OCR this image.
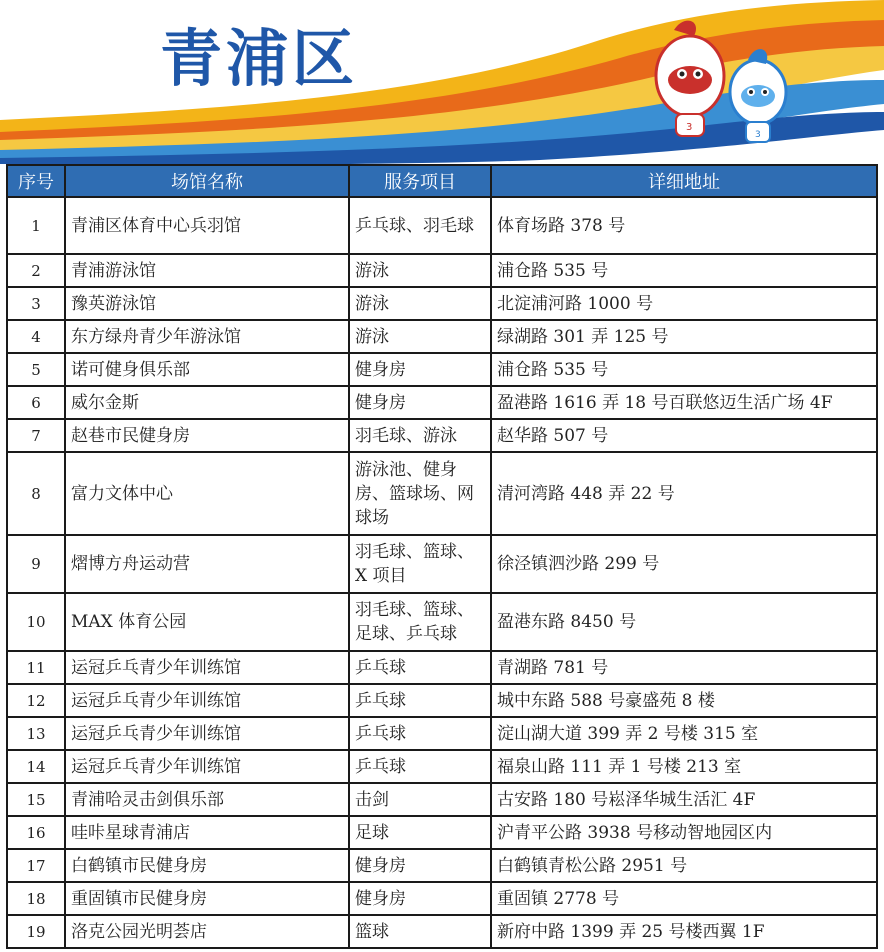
青浦区
3
3
序号	场馆名称	服务项目	详细地址
1	青浦区体育中心兵羽馆	乒乓球、羽毛球	体育场路 378 号
2	青浦游泳馆	游泳	浦仓路 535 号
3	豫英游泳馆	游泳	北淀浦河路 1000 号
4	东方绿舟青少年游泳馆	游泳	绿湖路 301 弄 125 号
5	诺可健身俱乐部	健身房	浦仓路 535 号
6	威尔金斯	健身房	盈港路 1616 弄 18 号百联悠迈生活广场 4F
7	赵巷市民健身房	羽毛球、游泳	赵华路 507 号
8	富力文体中心	游泳池、健身房、篮球场、网球场	清河湾路 448 弄 22 号
9	熠博方舟运动营	羽毛球、篮球、X 项目	徐泾镇泗沙路 299 号
10	MAX 体育公园	羽毛球、篮球、足球、乒乓球	盈港东路 8450 号
11	运冠乒乓青少年训练馆	乒乓球	青湖路 781 号
12	运冠乒乓青少年训练馆	乒乓球	城中东路 588 号豪盛苑 8 楼
13	运冠乒乓青少年训练馆	乒乓球	淀山湖大道 399 弄 2 号楼 315 室
14	运冠乒乓青少年训练馆	乒乓球	福泉山路 111 弄 1 号楼 213 室
15	青浦哈灵击剑俱乐部	击剑	古安路 180 号崧泽华城生活汇 4F
16	哇咔星球青浦店	足球	沪青平公路 3938 号移动智地园区内
17	白鹤镇市民健身房	健身房	白鹤镇青松公路 2951 号
18	重固镇市民健身房	健身房	重固镇 2778 号
19	洛克公园光明荟店	篮球	新府中路 1399 弄 25 号楼西翼 1F
